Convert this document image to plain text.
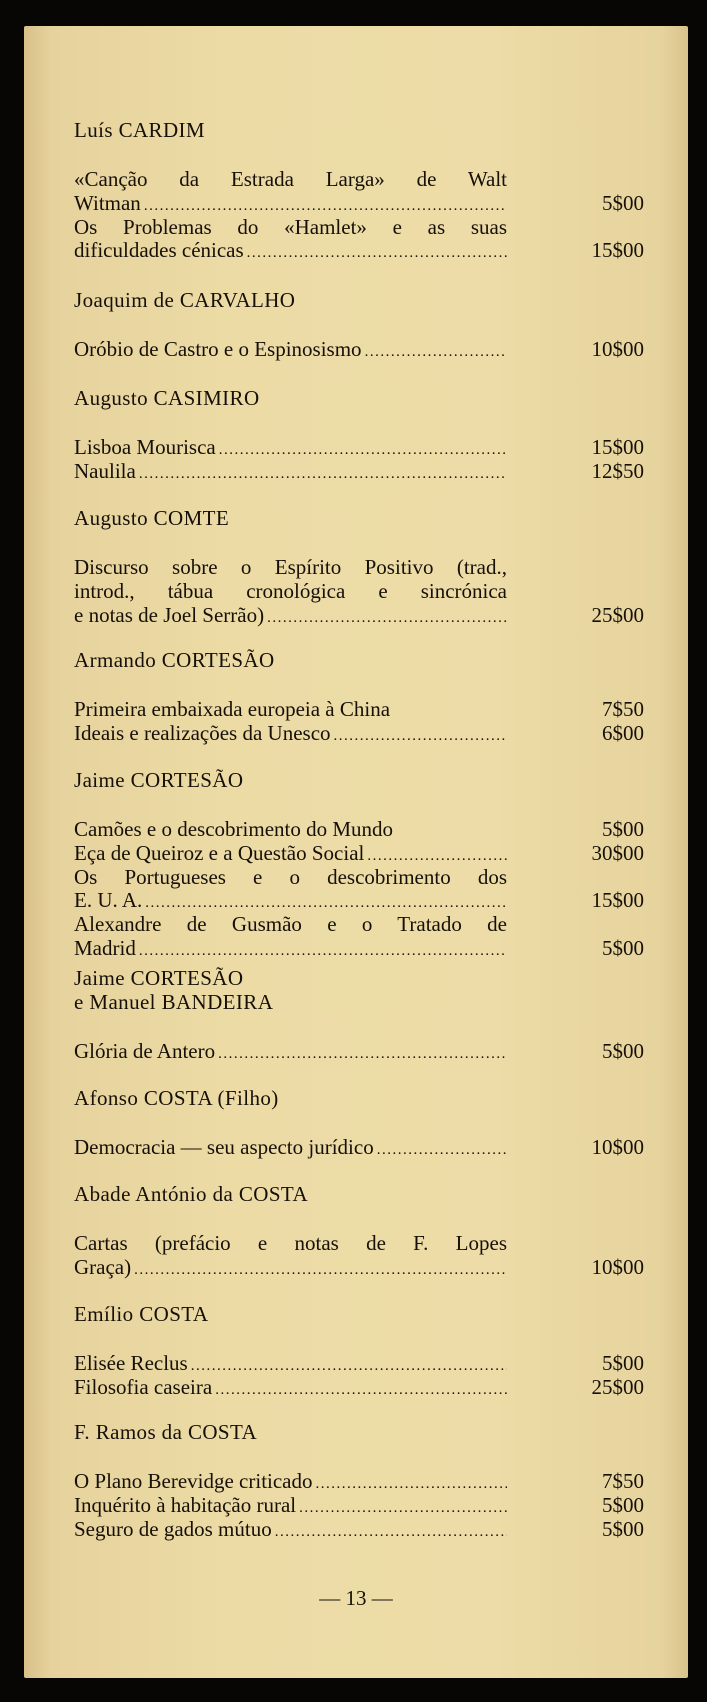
Luís CARDIM
«Canção da Estrada Larga» de Walt
Witman .....	5$00
Os Problemas do «Hamlet» e as suas
dificuldades cénicas .....	15$00
Joaquim de CARVALHO
Oróbio de Castro e o Espinosismo .....	10$00
Augusto CASIMIRO
Lisboa Mourisca .....	15$00
Naulila .....	12$50
Augusto COMTE
Discurso sobre o Espírito Positivo (trad.,
introd., tábua cronológica e sincrónica
e notas de Joel Serrão) .....	25$00
Armando CORTESÃO
Primeira embaixada europeia à China	7$50
Ideais e realizações da Unesco .....	6$00
Jaime CORTESÃO
Camões e o descobrimento do Mundo	5$00
Eça de Queiroz e a Questão Social .....	30$00
Os Portugueses e o descobrimento dos
E. U. A. .....	15$00
Alexandre de Gusmão e o Tratado de
Madrid .....	5$00
Jaime CORTESÃO
e Manuel BANDEIRA
Glória de Antero .....	5$00
Afonso COSTA (Filho)
Democracia — seu aspecto jurídico .....	10$00
Abade António da COSTA
Cartas (prefácio e notas de F. Lopes
Graça) .....	10$00
Emílio COSTA
Elisée Reclus .....	5$00
Filosofia caseira .....	25$00
F. Ramos da COSTA
O Plano Berevidge criticado .....	7$50
Inquérito à habitação rural .....	5$00
Seguro de gados mútuo .....	5$00
— 13 —
